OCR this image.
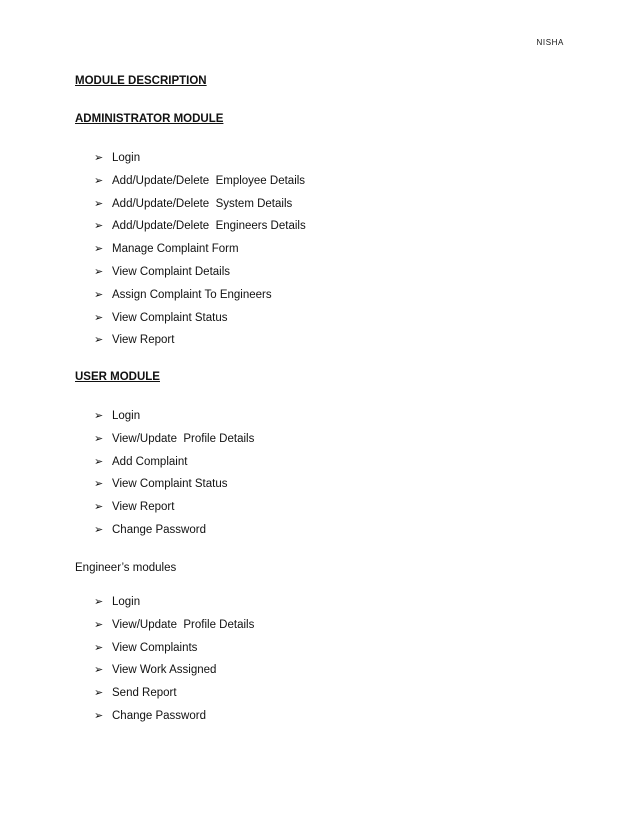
NISHA
MODULE DESCRIPTION
ADMINISTRATOR MODULE
➢ Login
➢ Add/Update/Delete  Employee Details
➢ Add/Update/Delete  System Details
➢ Add/Update/Delete  Engineers Details
➢ Manage Complaint Form
➢ View Complaint Details
➢ Assign Complaint To Engineers
➢ View Complaint Status
➢ View Report
USER MODULE
➢ Login
➢ View/Update  Profile Details
➢ Add Complaint
➢ View Complaint Status
➢ View Report
➢ Change Password
Engineer’s modules
➢ Login
➢ View/Update  Profile Details
➢ View Complaints
➢ View Work Assigned
➢ Send Report
➢ Change Password
